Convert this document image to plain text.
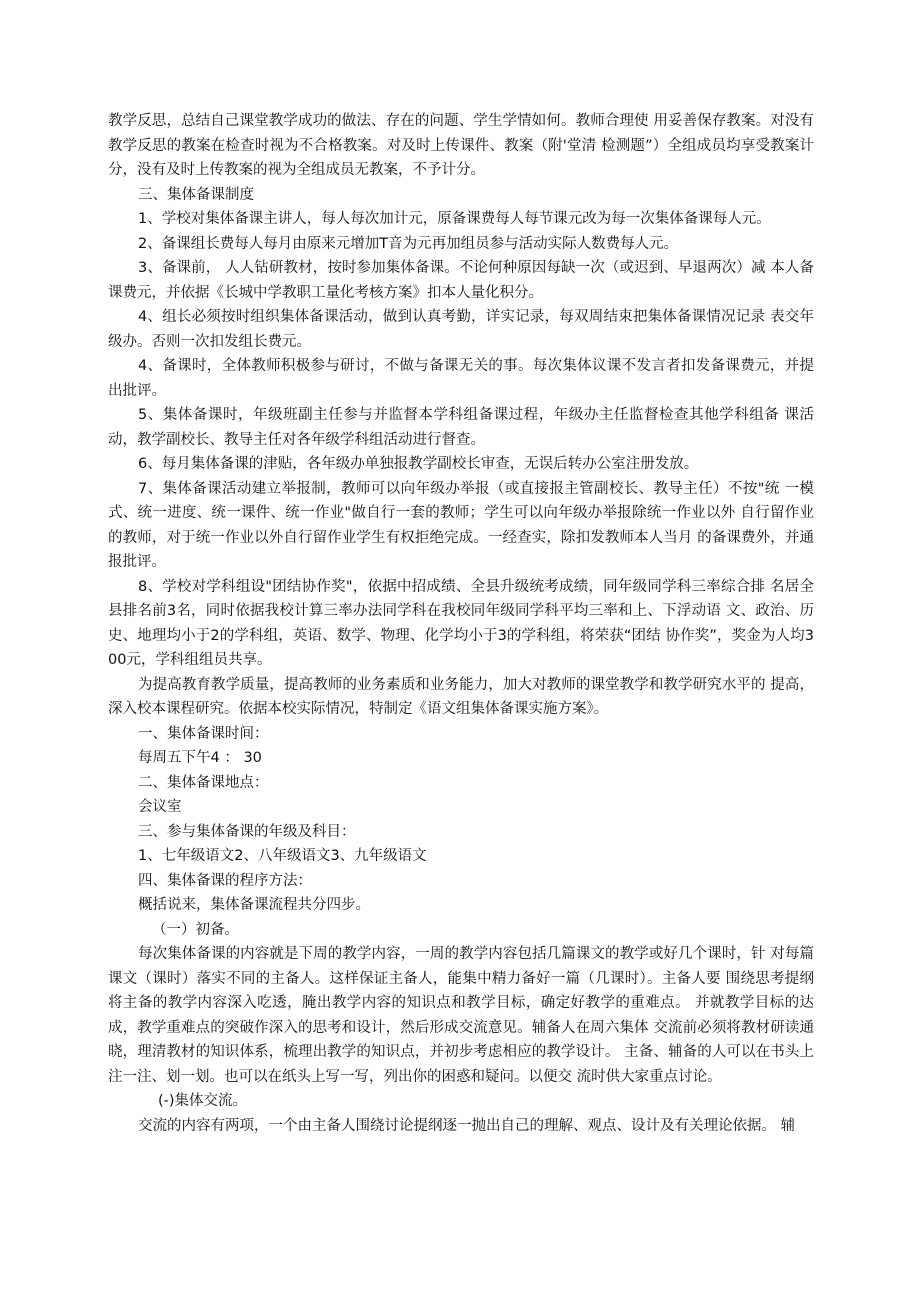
教学反思，总结自己课堂教学成功的做法、存在的问题、学生学情如何。教师合理使 用妥善保存教案。对没有教学反思的教案在检查时视为不合格教案。对及时上传课件、教案（附'堂清 检测题”）全组成员均享受教案计分，没有及时上传教案的视为全组成员无教案，不予计分。

三、集体备课制度

1、学校对集体备课主讲人，每人每次加计元，原备课费每人每节课元改为每一次集体备课每人元。

2、备课组长费每人每月由原来元增加T音为元再加组员参与活动实际人数费每人元。

3、备课前， 人人钻研教材，按时参加集体备课。不论何种原因每缺一次（或迟到、早退两次）减 本人备课费元，并依据《长城中学教职工量化考核方案》扣本人量化积分。

4、组长必须按时组织集体备课活动，做到认真考勤，详实记录，每双周结束把集体备课情况记录 表交年级办。否则一次扣发组长费元。

4、备课时，全体教师积极参与研讨，不做与备课无关的事。每次集体议课不发言者扣发备课费元，并提出批评。

5、集体备课时，年级班副主任参与并监督本学科组备课过程，年级办主任监督检查其他学科组备 课活动，教学副校长、教导主任对各年级学科组活动进行督查。

6、每月集体备课的津贴，各年级办单独报教学副校长审查，无误后转办公室注册发放。

7、集体备课活动建立举报制，教师可以向年级办举报（或直接报主管副校长、教导主任）不按"统 一模式、统一进度、统一课件、统一作业"做自行一套的教师；学生可以向年级办举报除统一作业以外 自行留作业的教师，对于统一作业以外自行留作业学生有权拒绝完成。一经查实，除扣发教师本人当月 的备课费外，并通报批评。

8、学校对学科组设"团结协作奖"，依据中招成绩、全县升级统考成绩，同年级同学科三率综合排 名居全县排名前3名，同时依据我校计算三率办法同学科在我校同年级同学科平均三率和上、下浮动语 文、政治、历史、地理均小于2的学科组，英语、数学、物理、化学均小于3的学科组，将荣获“团结 协作奖”，奖金为人均300元，学科组组员共享。

为提高教育教学质量，提高教师的业务素质和业务能力，加大对教师的课堂教学和教学研究水平的 提高，深入校本课程研究。依据本校实际情况，特制定《语文组集体备课实施方案》。

一、集体备课时间：

每周五下午4 ： 30

二、集体备课地点：

会议室

三、参与集体备课的年级及科目：

1、七年级语文2、八年级语文3、九年级语文

四、集体备课的程序方法：

概括说来，集体备课流程共分四步。

（一）初备。

每次集体备课的内容就是下周的教学内容，一周的教学内容包括几篇课文的教学或好几个课时，针 对每篇课文（课时）落实不同的主备人。这样保证主备人，能集中精力备好一篇（几课时）。主备人要 围绕思考提纲将主备的教学内容深入吃透，腌出教学内容的知识点和教学目标，确定好教学的重难点。 并就教学目标的达成，教学重难点的突破作深入的思考和设计，然后形成交流意见。辅备人在周六集体 交流前必须将教材研读通晓，理清教材的知识体系，梳理出教学的知识点，并初步考虑相应的教学设计。 主备、辅备的人可以在书头上注一注、划一划。也可以在纸头上写一写，列出你的困惑和疑问。以便交 流时供大家重点讨论。

(-)集体交流。

交流的内容有两项，一个由主备人围绕讨论提纲逐一抛出自己的理解、观点、设计及有关理论依据。 辅
